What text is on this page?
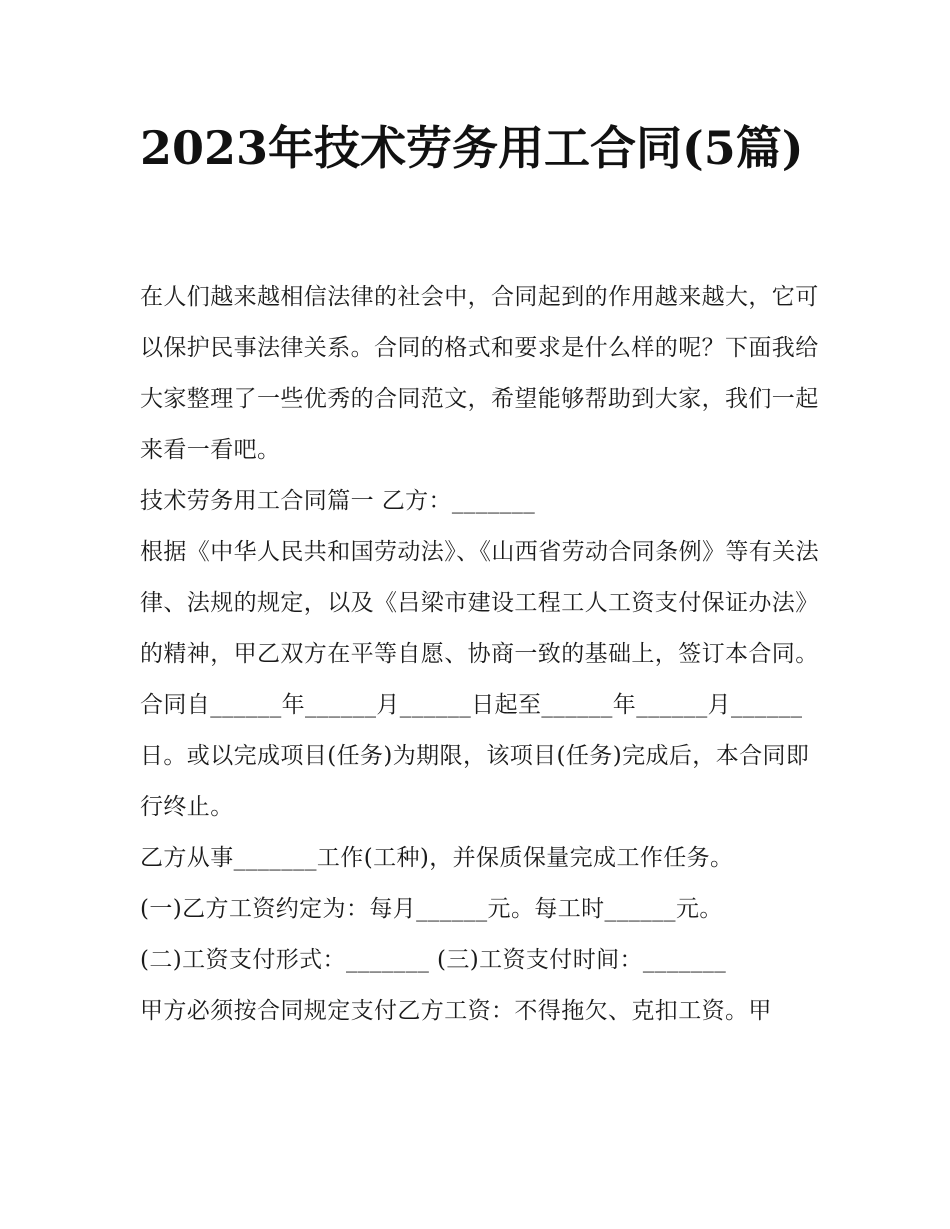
2023年技术劳务用工合同(5篇)

在人们越来越相信法律的社会中，合同起到的作用越来越大，它可以保护民事法律关系。合同的格式和要求是什么样的呢？下面我给大家整理了一些优秀的合同范文，希望能够帮助到大家，我们一起来看一看吧。

技术劳务用工合同篇一 乙方：_______

根据《中华人民共和国劳动法》、《山西省劳动合同条例》等有关法律、法规的规定，以及《吕梁市建设工程工人工资支付保证办法》的精神，甲乙双方在平等自愿、协商一致的基础上，签订本合同。

合同自______年______月______日起至______年______月______日。或以完成项目(任务)为期限，该项目(任务)完成后，本合同即行终止。

乙方从事_______工作(工种)，并保质保量完成工作任务。

(一)乙方工资约定为：每月______元。每工时______元。

(二)工资支付形式：_______ (三)工资支付时间：_______

甲方必须按合同规定支付乙方工资：不得拖欠、克扣工资。甲
